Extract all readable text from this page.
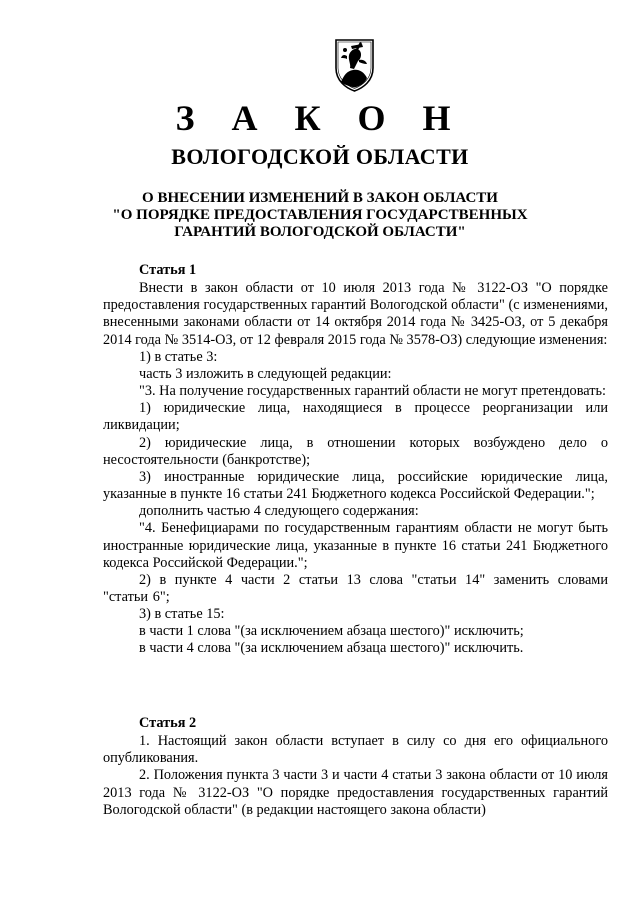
З А К О Н
ВОЛОГОДСКОЙ ОБЛАСТИ
О ВНЕСЕНИИ ИЗМЕНЕНИЙ В ЗАКОН ОБЛАСТИ
"О ПОРЯДКЕ ПРЕДОСТАВЛЕНИЯ ГОСУДАРСТВЕННЫХ
ГАРАНТИЙ ВОЛОГОДСКОЙ ОБЛАСТИ"
Статья 1

Внести в закон области от 10 июля 2013 года № 3122-ОЗ "О порядке предоставления государственных гарантий Вологодской области" (с изменениями, внесенными законами области от 14 октября 2014 года № 3425-ОЗ, от 5 декабря 2014 года № 3514-ОЗ, от 12 февраля 2015 года № 3578-ОЗ) следующие изменения:

1) в статье 3:

часть 3 изложить в следующей редакции:

"3. На получение государственных гарантий области не могут претендовать:

1) юридические лица, находящиеся в процессе реорганизации или ликвидации;

2) юридические лица, в отношении которых возбуждено дело о несостоятельности (банкротстве);

3) иностранные юридические лица, российские юридические лица, указанные в пункте 16 статьи 241 Бюджетного кодекса Российской Федерации.";

дополнить частью 4 следующего содержания:

"4. Бенефициарами по государственным гарантиям области не могут быть иностранные юридические лица, указанные в пункте 16 статьи 241 Бюджетного кодекса Российской Федерации.";

2) в пункте 4 части 2 статьи 13 слова "статьи 14" заменить словами "статьи 6";

3) в статье 15:

в части 1 слова "(за исключением абзаца шестого)" исключить;

в части 4 слова "(за исключением абзаца шестого)" исключить.

Статья 2

1. Настоящий закон области вступает в силу со дня его официального опубликования.

2. Положения пункта 3 части 3 и части 4 статьи 3 закона области от 10 июля 2013 года № 3122-ОЗ "О порядке предоставления государственных гарантий Вологодской области" (в редакции настоящего закона области)
